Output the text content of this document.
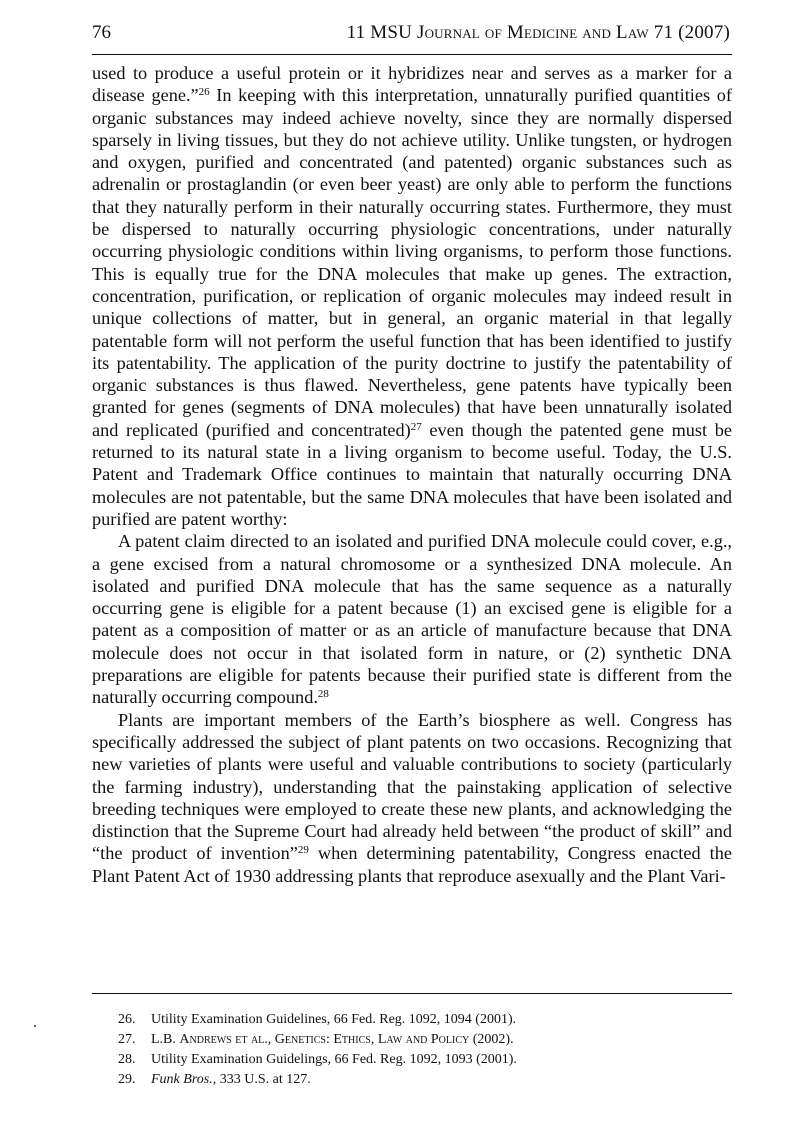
76	11 MSU Journal of Medicine and Law 71 (2007)

used to produce a useful protein or it hybridizes near and serves as a marker for a disease gene.”$^{26}$ In keeping with this interpretation, unnaturally purified quantities of organic substances may indeed achieve novelty, since they are normally dispersed sparsely in living tissues, but they do not achieve utility. Unlike tungsten, or hydrogen and oxygen, purified and concentrated (and patented) organic substances such as adrenalin or prostaglandin (or even beer yeast) are only able to perform the functions that they naturally perform in their naturally occurring states. Furthermore, they must be dispersed to naturally occurring physiologic concentrations, under naturally occurring physiologic conditions within living organisms, to perform those functions. This is equally true for the DNA molecules that make up genes. The extraction, concentration, purification, or replication of organic molecules may indeed result in unique collections of matter, but in general, an organic material in that legally patentable form will not perform the useful function that has been identified to justify its patentability. The application of the purity doctrine to justify the patentability of organic substances is thus flawed. Nevertheless, gene patents have typically been granted for genes (segments of DNA molecules) that have been unnaturally isolated and replicated (purified and concentrated)$^{27}$ even though the patented gene must be returned to its natural state in a living organism to become useful. Today, the U.S. Patent and Trademark Office continues to maintain that naturally occurring DNA molecules are not patentable, but the same DNA molecules that have been isolated and purified are patent worthy:

A patent claim directed to an isolated and purified DNA molecule could cover, e.g., a gene excised from a natural chromosome or a synthesized DNA molecule. An isolated and purified DNA molecule that has the same sequence as a naturally occurring gene is eligible for a patent because (1) an excised gene is eligible for a patent as a composition of matter or as an article of manufacture because that DNA molecule does not occur in that isolated form in nature, or (2) synthetic DNA preparations are eligible for patents because their purified state is different from the naturally occurring compound.$^{28}$

Plants are important members of the Earth’s biosphere as well. Congress has specifically addressed the subject of plant patents on two occasions. Recognizing that new varieties of plants were useful and valuable contributions to society (particularly the farming industry), understanding that the painstaking application of selective breeding techniques were employed to create these new plants, and acknowledging the distinction that the Supreme Court had already held between “the product of skill” and “the product of invention”$^{29}$ when determining patentability, Congress enacted the Plant Patent Act of 1930 addressing plants that reproduce asexually and the Plant Vari-

26.	Utility Examination Guidelines, 66 Fed. Reg. 1092, 1094 (2001).
27.	L.B. Andrews et al., Genetics: Ethics, Law and Policy (2002).
28.	Utility Examination Guidelings, 66 Fed. Reg. 1092, 1093 (2001).
29.	Funk Bros., 333 U.S. at 127.
